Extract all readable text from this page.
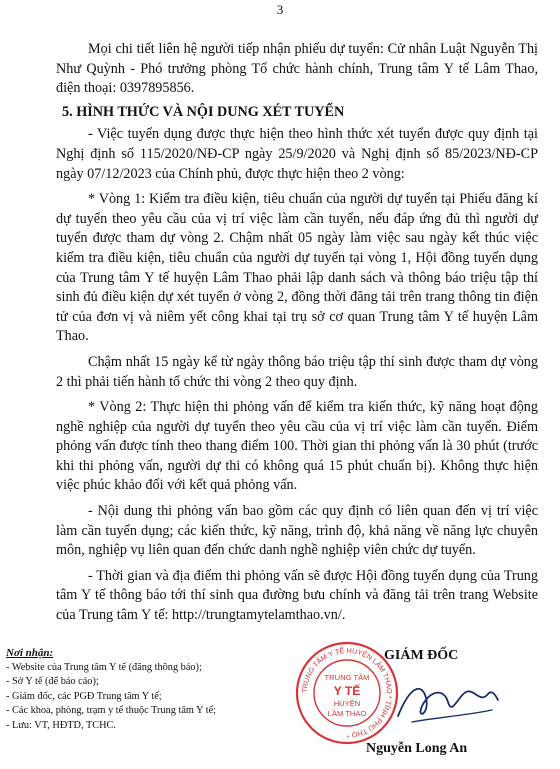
3

Mọi chi tiết liên hệ người tiếp nhận phiếu dự tuyển: Cử nhân Luật Nguyễn Thị Như Quỳnh - Phó trưởng phòng Tổ chức hành chính, Trung tâm Y tế Lâm Thao, điện thoại: 0397895856.

5. HÌNH THỨC VÀ NỘI DUNG XÉT TUYỂN

- Việc tuyển dụng được thực hiện theo hình thức xét tuyển được quy định tại Nghị định số 115/2020/NĐ-CP ngày 25/9/2020 và Nghị định số 85/2023/NĐ-CP ngày 07/12/2023 của Chính phủ, được thực hiện theo 2 vòng:

* Vòng 1: Kiểm tra điều kiện, tiêu chuẩn của người dự tuyển tại Phiếu đăng kí dự tuyển theo yêu cầu của vị trí việc làm cần tuyển, nếu đáp ứng đủ thì người dự tuyển được tham dự vòng 2. Chậm nhất 05 ngày làm việc sau ngày kết thúc việc kiểm tra điều kiện, tiêu chuẩn của người dự tuyển tại vòng 1, Hội đồng tuyển dụng của Trung tâm Y tế huyện Lâm Thao phải lập danh sách và thông báo triệu tập thí sinh đủ điều kiện dự xét tuyển ở vòng 2, đồng thời đăng tải trên trang thông tin điện tử của đơn vị và niêm yết công khai tại trụ sở cơ quan Trung tâm Y tế huyện Lâm Thao.

Chậm nhất 15 ngày kể từ ngày thông báo triệu tập thí sinh được tham dự vòng 2 thì phải tiến hành tổ chức thi vòng 2 theo quy định.

* Vòng 2: Thực hiện thi phỏng vấn để kiểm tra kiến thức, kỹ năng hoạt động nghề nghiệp của người dự tuyển theo yêu cầu của vị trí việc làm cần tuyển. Điểm phỏng vấn được tính theo thang điểm 100. Thời gian thi phỏng vấn là 30 phút (trước khi thi phỏng vấn, người dự thi có không quá 15 phút chuẩn bị). Không thực hiện việc phúc khảo đối với kết quả phỏng vấn.

- Nội dung thi phỏng vấn bao gồm các quy định có liên quan đến vị trí việc làm cần tuyển dụng; các kiến thức, kỹ năng, trình độ, khả năng về năng lực chuyên môn, nghiệp vụ liên quan đến chức danh nghề nghiệp viên chức dự tuyển.

- Thời gian và địa điểm thi phỏng vấn sẽ được Hội đồng tuyển dụng của Trung tâm Y tế thông báo tới thí sinh qua đường bưu chính và đăng tải trên trang Website của Trung tâm Y tế: http://trungtamytelamthao.vn/.

Nơi nhận:
- Website của Trung tâm Y tế (đăng thông báo);
- Sở Y tế (để báo cáo);
- Giám đốc, các PGĐ Trung tâm Y tế;
- Các khoa, phòng, trạm y tế thuộc Trung tâm Y tế;
- Lưu: VT, HĐTD, TCHC.
TRUNG TÂM Y TẾ HUYỆN LÂM THAO * TỈNH PHÚ THỌ *
TRUNG TÂM
Y TẾ
HUYỆN
LÂM THAO
GIÁM ĐỐC
Nguyễn Long An
